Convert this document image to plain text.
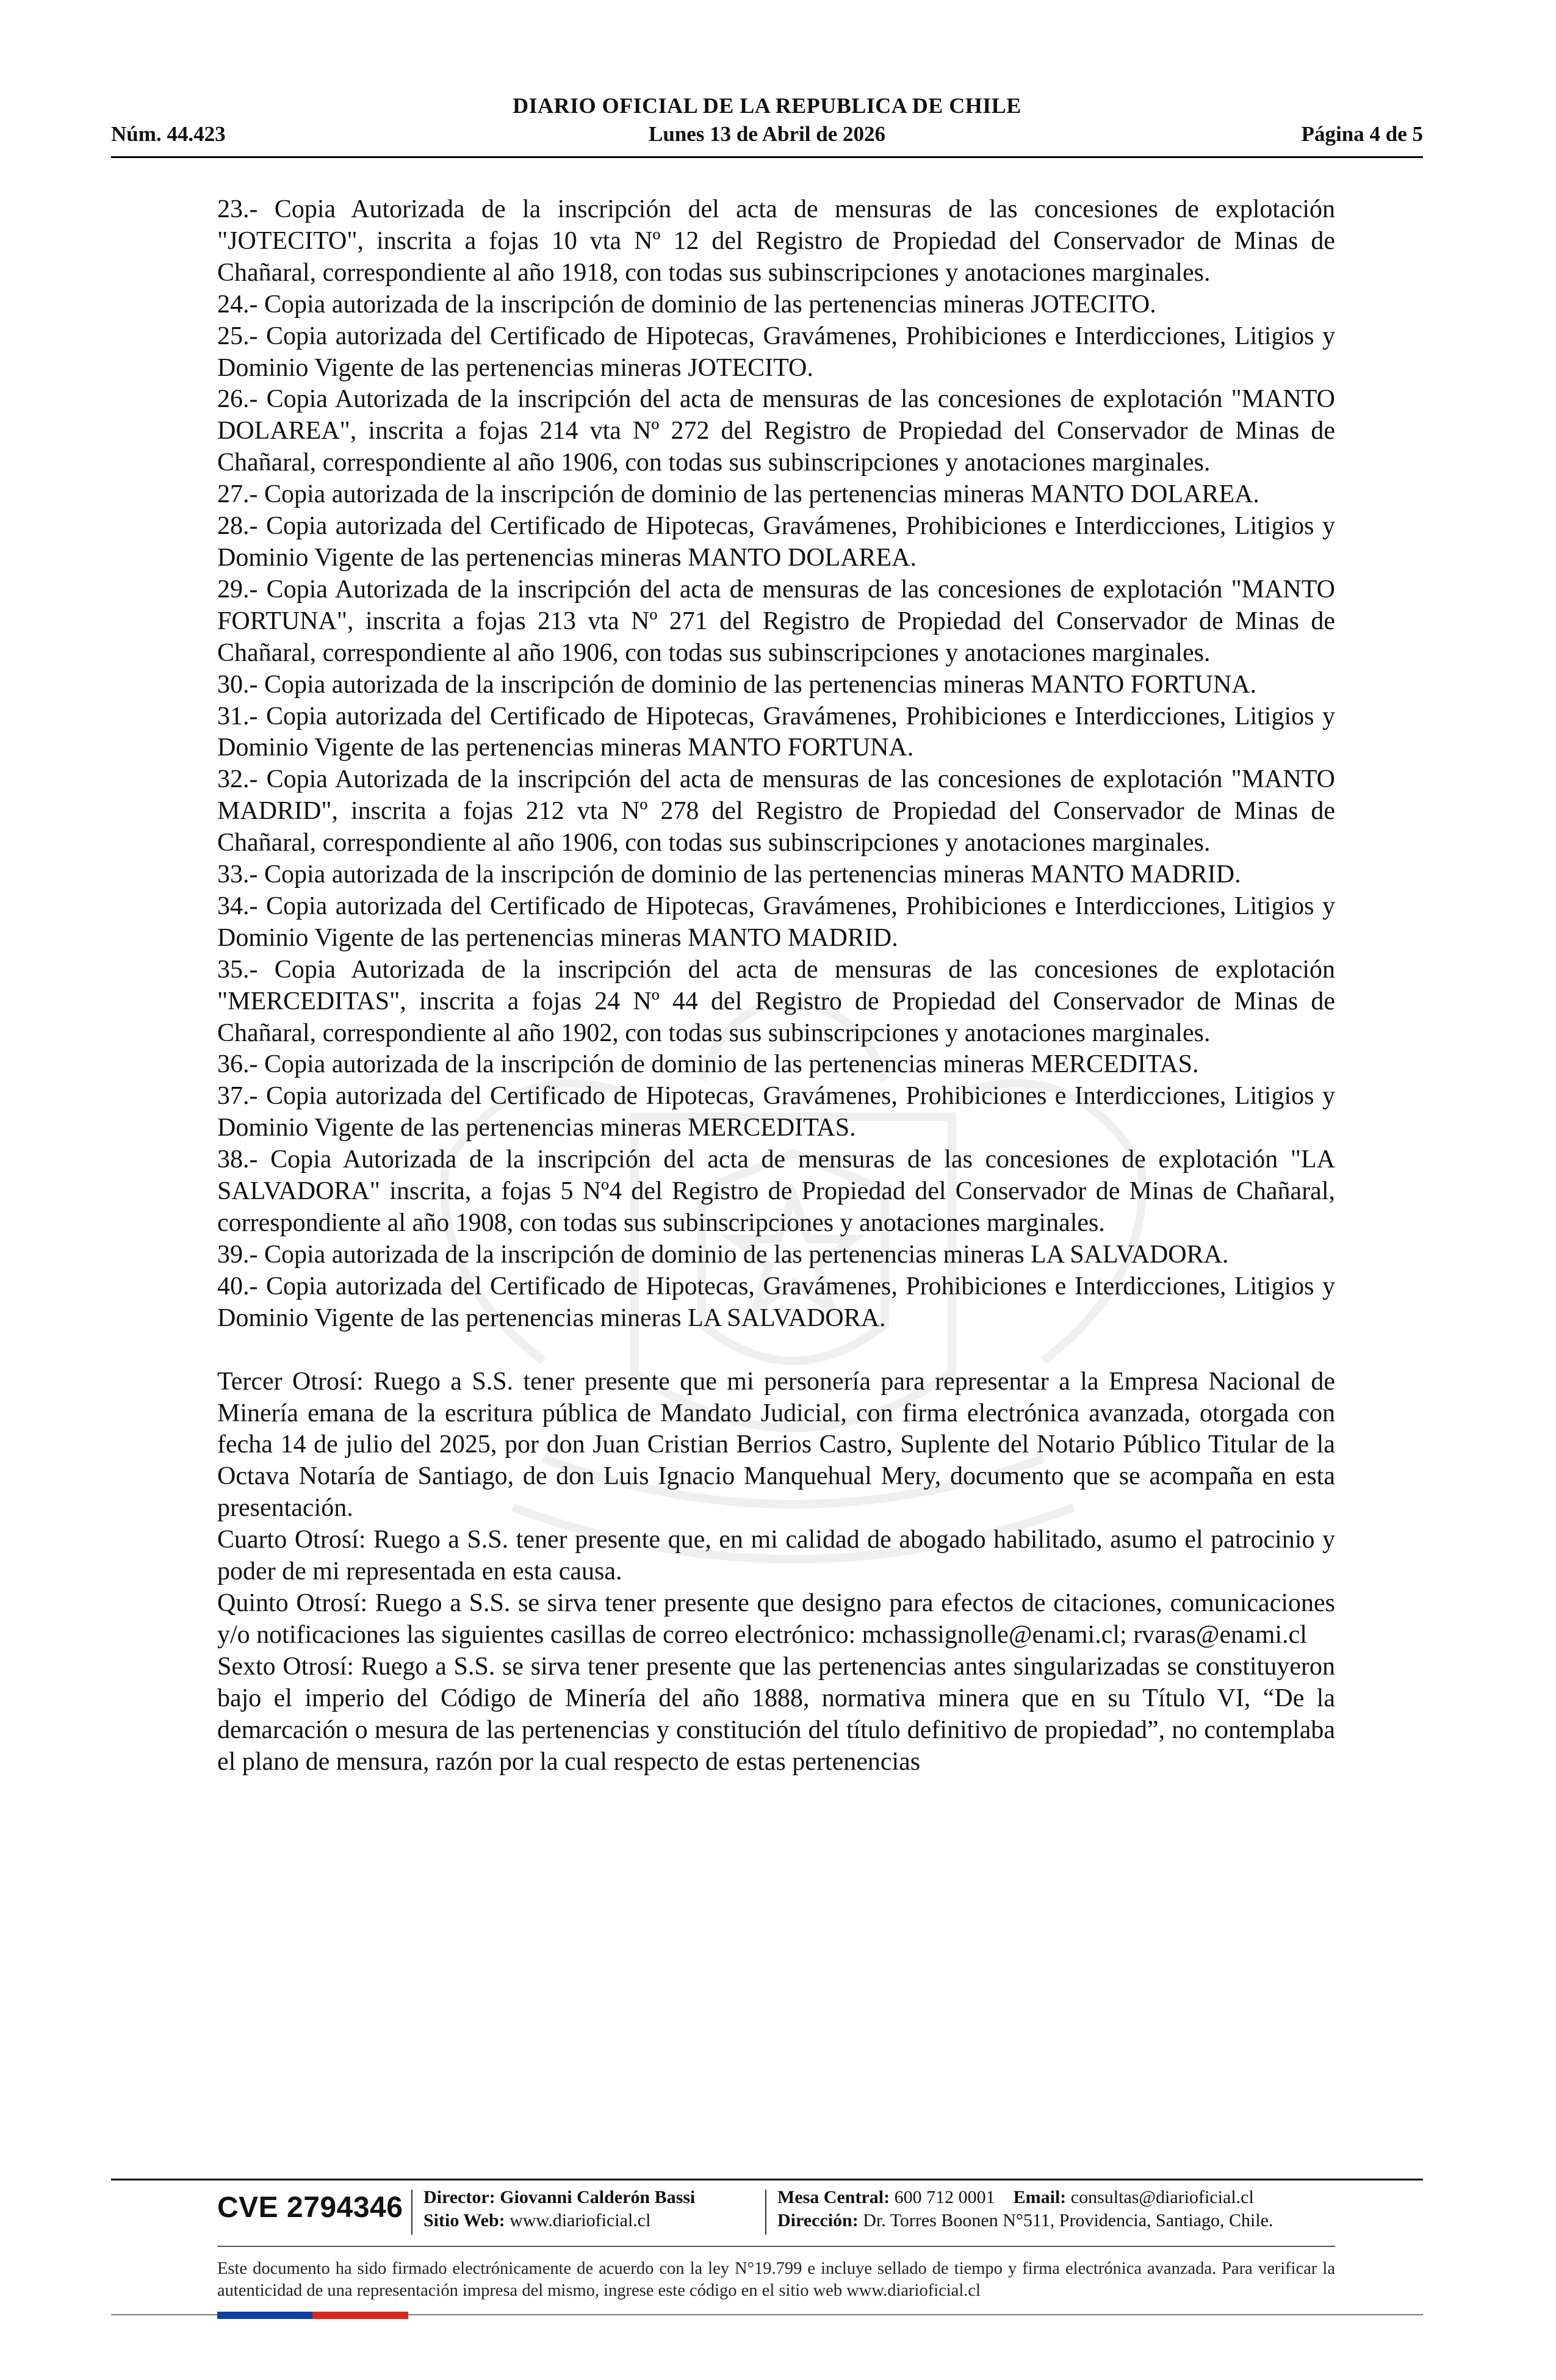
DIARIO OFICIAL DE LA REPUBLICA DE CHILE
Núm. 44.423	Lunes 13 de Abril de 2026	Página 4 de 5

23.- Copia Autorizada de la inscripción del acta de mensuras de las concesiones de explotación "JOTECITO", inscrita a fojas 10 vta Nº 12 del Registro de Propiedad del Conservador de Minas de Chañaral, correspondiente al año 1918, con todas sus subinscripciones y anotaciones marginales.

24.- Copia autorizada de la inscripción de dominio de las pertenencias mineras JOTECITO.

25.- Copia autorizada del Certificado de Hipotecas, Gravámenes, Prohibiciones e Interdicciones, Litigios y Dominio Vigente de las pertenencias mineras JOTECITO.

26.- Copia Autorizada de la inscripción del acta de mensuras de las concesiones de explotación "MANTO DOLAREA", inscrita a fojas 214 vta Nº 272 del Registro de Propiedad del Conservador de Minas de Chañaral, correspondiente al año 1906, con todas sus subinscripciones y anotaciones marginales.

27.- Copia autorizada de la inscripción de dominio de las pertenencias mineras MANTO DOLAREA.

28.- Copia autorizada del Certificado de Hipotecas, Gravámenes, Prohibiciones e Interdicciones, Litigios y Dominio Vigente de las pertenencias mineras MANTO DOLAREA.

29.- Copia Autorizada de la inscripción del acta de mensuras de las concesiones de explotación "MANTO FORTUNA", inscrita a fojas 213 vta Nº 271 del Registro de Propiedad del Conservador de Minas de Chañaral, correspondiente al año 1906, con todas sus subinscripciones y anotaciones marginales.

30.- Copia autorizada de la inscripción de dominio de las pertenencias mineras MANTO FORTUNA.

31.- Copia autorizada del Certificado de Hipotecas, Gravámenes, Prohibiciones e Interdicciones, Litigios y Dominio Vigente de las pertenencias mineras MANTO FORTUNA.

32.- Copia Autorizada de la inscripción del acta de mensuras de las concesiones de explotación "MANTO MADRID", inscrita a fojas 212 vta Nº 278 del Registro de Propiedad del Conservador de Minas de Chañaral, correspondiente al año 1906, con todas sus subinscripciones y anotaciones marginales.

33.- Copia autorizada de la inscripción de dominio de las pertenencias mineras MANTO MADRID.

34.- Copia autorizada del Certificado de Hipotecas, Gravámenes, Prohibiciones e Interdicciones, Litigios y Dominio Vigente de las pertenencias mineras MANTO MADRID.

35.- Copia Autorizada de la inscripción del acta de mensuras de las concesiones de explotación "MERCEDITAS", inscrita a fojas 24 Nº 44 del Registro de Propiedad del Conservador de Minas de Chañaral, correspondiente al año 1902, con todas sus subinscripciones y anotaciones marginales.

36.- Copia autorizada de la inscripción de dominio de las pertenencias mineras MERCEDITAS.

37.- Copia autorizada del Certificado de Hipotecas, Gravámenes, Prohibiciones e Interdicciones, Litigios y Dominio Vigente de las pertenencias mineras MERCEDITAS.

38.- Copia Autorizada de la inscripción del acta de mensuras de las concesiones de explotación "LA SALVADORA" inscrita, a fojas 5 Nº4 del Registro de Propiedad del Conservador de Minas de Chañaral, correspondiente al año 1908, con todas sus subinscripciones y anotaciones marginales.

39.- Copia autorizada de la inscripción de dominio de las pertenencias mineras LA SALVADORA.

40.- Copia autorizada del Certificado de Hipotecas, Gravámenes, Prohibiciones e Interdicciones, Litigios y Dominio Vigente de las pertenencias mineras LA SALVADORA.

Tercer Otrosí: Ruego a S.S. tener presente que mi personería para representar a la Empresa Nacional de Minería emana de la escritura pública de Mandato Judicial, con firma electrónica avanzada, otorgada con fecha 14 de julio del 2025, por don Juan Cristian Berrios Castro, Suplente del Notario Público Titular de la Octava Notaría de Santiago, de don Luis Ignacio Manquehual Mery, documento que se acompaña en esta presentación.

Cuarto Otrosí: Ruego a S.S. tener presente que, en mi calidad de abogado habilitado, asumo el patrocinio y poder de mi representada en esta causa.

Quinto Otrosí: Ruego a S.S. se sirva tener presente que designo para efectos de citaciones, comunicaciones y/o notificaciones las siguientes casillas de correo electrónico: mchassignolle@enami.cl; rvaras@enami.cl

Sexto Otrosí: Ruego a S.S. se sirva tener presente que las pertenencias antes singularizadas se constituyeron bajo el imperio del Código de Minería del año 1888, normativa minera que en su Título VI, “De la demarcación o mesura de las pertenencias y constitución del título definitivo de propiedad”, no contemplaba el plano de mensura, razón por la cual respecto de estas pertenencias

CVE 2794346 Director: Giovanni Calderón Bassi
Sitio Web: www.diarioficial.cl
Mesa Central: 600 712 0001 Email: consultas@diarioficial.cl
Dirección: Dr. Torres Boonen N°511, Providencia, Santiago, Chile.
Este documento ha sido firmado electrónicamente de acuerdo con la ley N°19.799 e incluye sellado de tiempo y firma electrónica avanzada. Para verificar la autenticidad de una representación impresa del mismo, ingrese este código en el sitio web www.diarioficial.cl
